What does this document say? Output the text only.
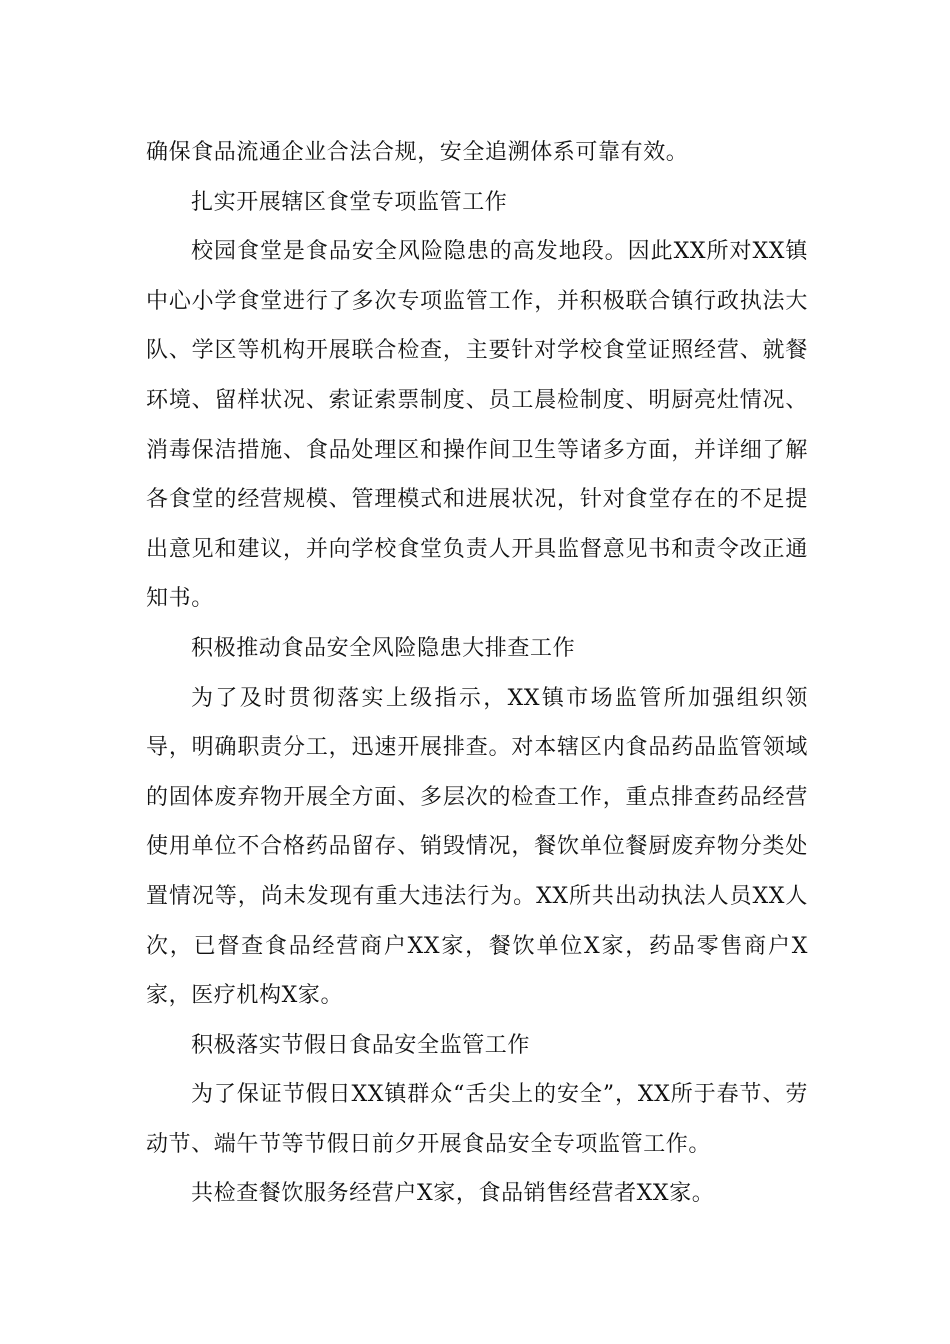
确保食品流通企业合法合规，安全追溯体系可靠有效。

扎实开展辖区食堂专项监管工作

校园食堂是食品安全风险隐患的高发地段。因此XX所对XX镇中心小学食堂进行了多次专项监管工作，并积极联合镇行政执法大队、学区等机构开展联合检查，主要针对学校食堂证照经营、就餐环境、留样状况、索证索票制度、员工晨检制度、明厨亮灶情况、消毒保洁措施、食品处理区和操作间卫生等诸多方面，并详细了解各食堂的经营规模、管理模式和进展状况，针对食堂存在的不足提出意见和建议，并向学校食堂负责人开具监督意见书和责令改正通知书。

积极推动食品安全风险隐患大排查工作

为了及时贯彻落实上级指示，XX镇市场监管所加强组织领导，明确职责分工，迅速开展排查。对本辖区内食品药品监管领域的固体废弃物开展全方面、多层次的检查工作，重点排查药品经营使用单位不合格药品留存、销毁情况，餐饮单位餐厨废弃物分类处置情况等，尚未发现有重大违法行为。XX所共出动执法人员XX人次，已督查食品经营商户XX家，餐饮单位X家，药品零售商户X家，医疗机构X家。

积极落实节假日食品安全监管工作

为了保证节假日XX镇群众“舌尖上的安全”，XX所于春节、劳动节、端午节等节假日前夕开展食品安全专项监管工作。

共检查餐饮服务经营户X家，食品销售经营者XX家。
